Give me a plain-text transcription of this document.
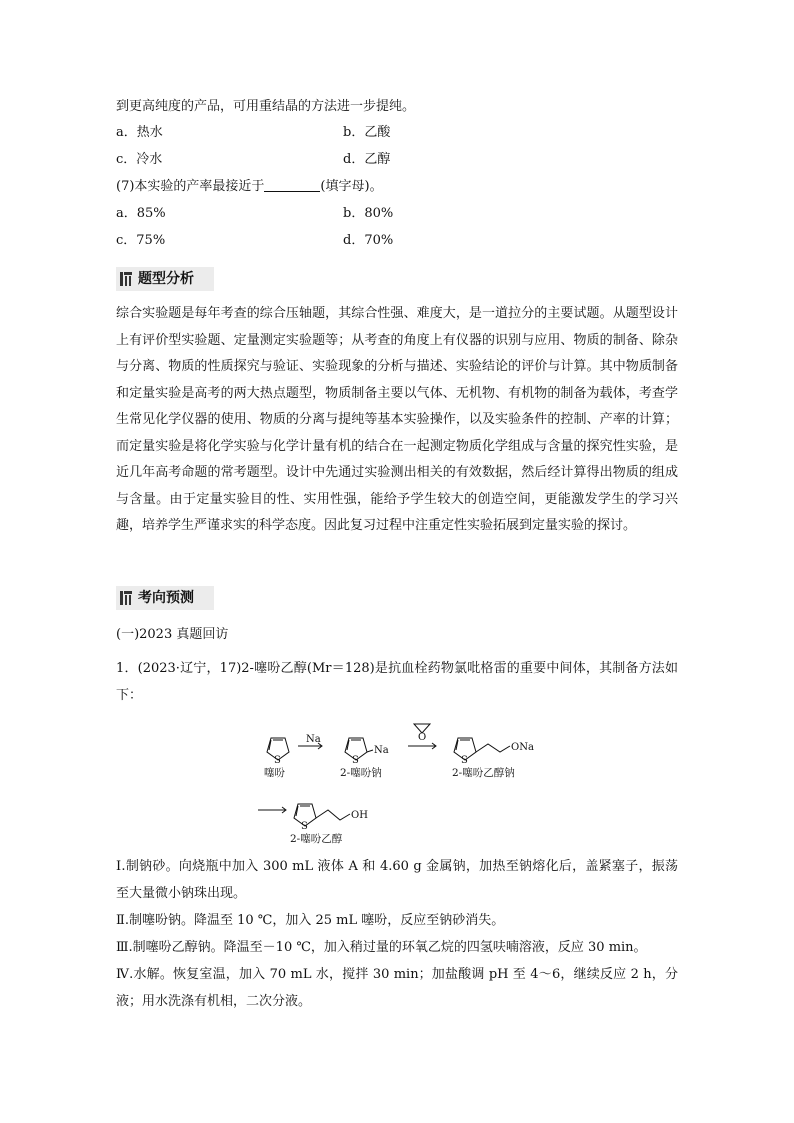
到更高纯度的产品，可用重结晶的方法进一步提纯。
a．热水	b．乙酸
c．冷水	d．乙醇
(7)本实验的产率最接近于	(填字母)。
a．85%	b．80%
c．75%	d．70%
题型分析
综合实验题是每年考查的综合压轴题，其综合性强、难度大，是一道拉分的主要试题。从题型设计上有评价型实验题、定量测定实验题等；从考查的角度上有仪器的识别与应用、物质的制备、除杂与分离、物质的性质探究与验证、实验现象的分析与描述、实验结论的评价与计算。其中物质制备和定量实验是高考的两大热点题型，物质制备主要以气体、无机物、有机物的制备为载体，考查学生常见化学仪器的使用、物质的分离与提纯等基本实验操作，以及实验条件的控制、产率的计算；而定量实验是将化学实验与化学计量有机的结合在一起测定物质化学组成与含量的探究性实验，是近几年高考命题的常考题型。设计中先通过实验测出相关的有效数据，然后经计算得出物质的组成与含量。由于定量实验目的性、实用性强，能给予学生较大的创造空间，更能激发学生的学习兴趣，培养学生严谨求实的科学态度。因此复习过程中注重定性实验拓展到定量实验的探讨。
考向预测
(一)2023 真题回访
1．(2023·辽宁，17)2-噻吩乙醇(Mr＝128)是抗血栓药物氯吡格雷的重要中间体，其制备方法如下：
S
Na
S
Na
O
S
ONa
S
OH
噻吩	2-噻吩钠	2-噻吩乙醇钠
2-噻吩乙醇
Ⅰ.制钠砂。向烧瓶中加入 300 mL 液体 A 和 4.60 g 金属钠，加热至钠熔化后，盖紧塞子，振荡至大量微小钠珠出现。
Ⅱ.制噻吩钠。降温至 10 ℃，加入 25 mL 噻吩，反应至钠砂消失。
Ⅲ.制噻吩乙醇钠。降温至－10 ℃，加入稍过量的环氧乙烷的四氢呋喃溶液，反应 30 min。
Ⅳ.水解。恢复室温，加入 70 mL 水，搅拌 30 min；加盐酸调 pH 至 4～6，继续反应 2 h，分液；用水洗涤有机相，二次分液。
